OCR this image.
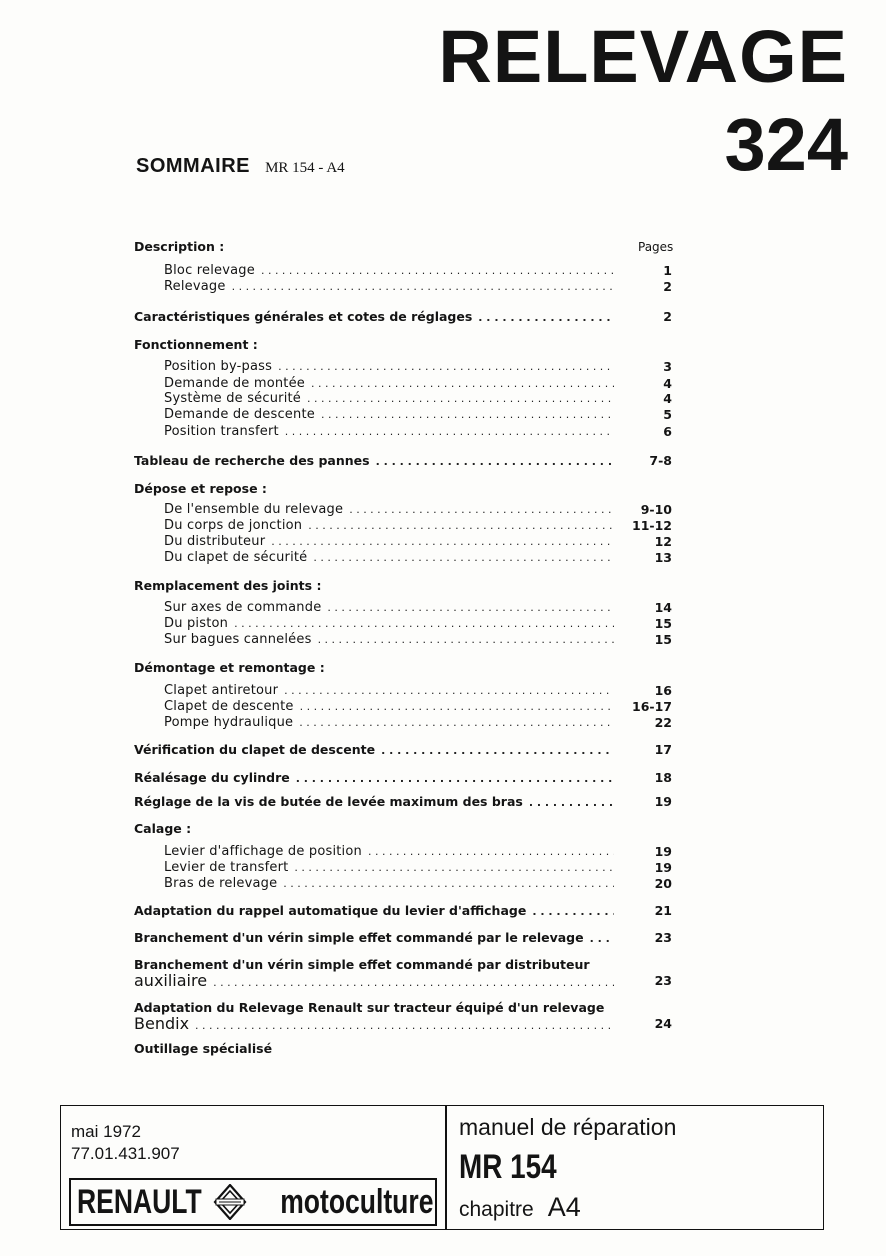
RELEVAGE
324
SOMMAIRE MR 154 - A4
Pages
Description :
Bloc relevage . . .	1
Relevage . . .	2
Caractéristiques générales et cotes de réglages . . .	2
Fonctionnement :
Position by-pass . . .	3
Demande de montée . . .	4
Système de sécurité . . .	4
Demande de descente . . .	5
Position transfert . . .	6
Tableau de recherche des pannes . . .	7-8
Dépose et repose :
De l'ensemble du relevage . . .	9-10
Du corps de jonction . . .	11-12
Du distributeur . . .	12
Du clapet de sécurité . . .	13
Remplacement des joints :
Sur axes de commande . . .	14
Du piston . . .	15
Sur bagues cannelées . . .	15
Démontage et remontage :
Clapet antiretour . . .	16
Clapet de descente . . .	16-17
Pompe hydraulique . . .	22
Vérification du clapet de descente . . .	17
Réalésage du cylindre . . .	18
Réglage de la vis de butée de levée maximum des bras . . .	19
Calage :
Levier d'affichage de position . . .	19
Levier de transfert . . .	19
Bras de relevage . . .	20
Adaptation du rappel automatique du levier d'affichage . . .	21
Branchement d'un vérin simple effet commandé par le relevage . . .	23
Branchement d'un vérin simple effet commandé par distributeur
auxiliaire . . .	23
Adaptation du Relevage Renault sur tracteur équipé d'un relevage
Bendix . . .	24
Outillage spécialisé
mai 1972
77.01.431.907
RENAULT motoculture
manuel de réparation
MR 154
chapitre A4
